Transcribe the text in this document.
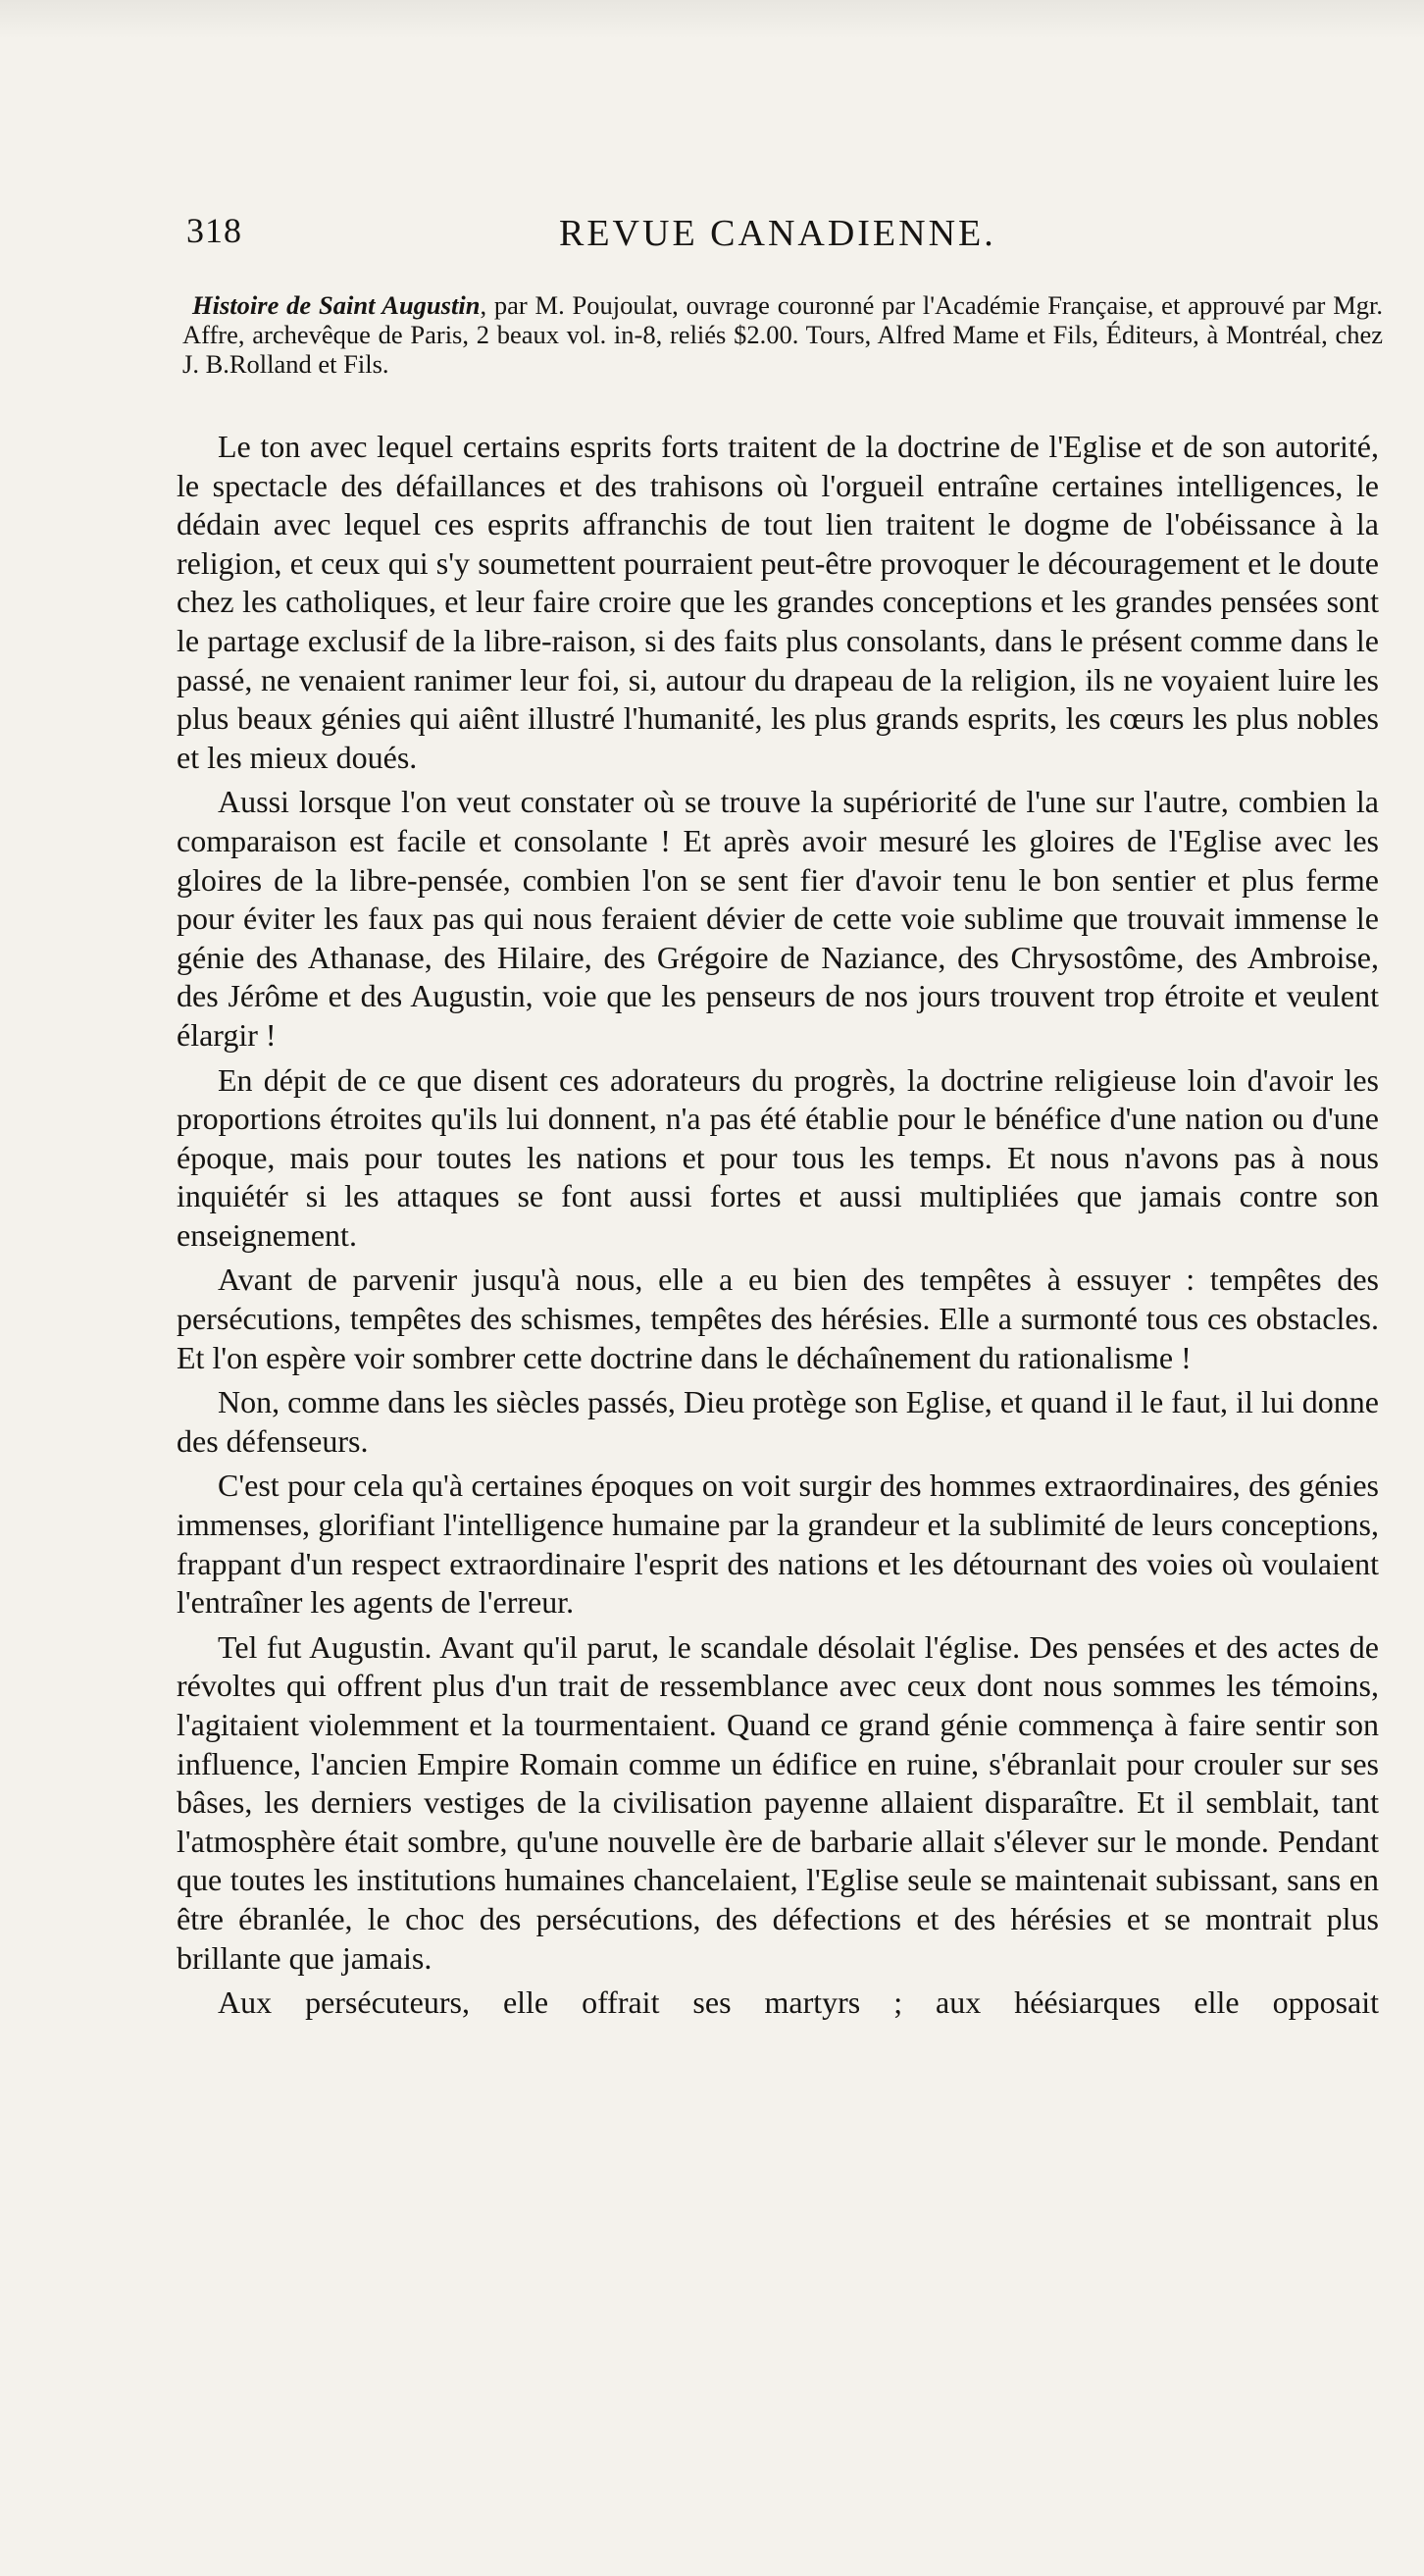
318	REVUE CANADIENNE.
Histoire de Saint Augustin, par M. Poujoulat, ouvrage couronné par l'Académie Française, et approuvé par Mgr. Affre, archevêque de Paris, 2 beaux vol. in-8, reliés $2.00. Tours, Alfred Mame et Fils, Éditeurs, à Montréal, chez J. B.Rolland et Fils.

Le ton avec lequel certains esprits forts traitent de la doctrine de l'Eglise et de son autorité, le spectacle des défaillances et des trahisons où l'orgueil entraîne certaines intelligences, le dédain avec lequel ces esprits affranchis de tout lien traitent le dogme de l'obéissance à la religion, et ceux qui s'y soumettent pourraient peut-être provoquer le découragement et le doute chez les catholiques, et leur faire croire que les grandes conceptions et les grandes pensées sont le partage exclusif de la libre-raison, si des faits plus consolants, dans le présent comme dans le passé, ne venaient ranimer leur foi, si, autour du drapeau de la religion, ils ne voyaient luire les plus beaux génies qui aiênt illustré l'humanité, les plus grands esprits, les cœurs les plus nobles et les mieux doués.

Aussi lorsque l'on veut constater où se trouve la supériorité de l'une sur l'autre, combien la comparaison est facile et consolante ! Et après avoir mesuré les gloires de l'Eglise avec les gloires de la libre-pensée, combien l'on se sent fier d'avoir tenu le bon sentier et plus ferme pour éviter les faux pas qui nous feraient dévier de cette voie sublime que trouvait immense le génie des Athanase, des Hilaire, des Grégoire de Naziance, des Chrysostôme, des Ambroise, des Jérôme et des Augustin, voie que les penseurs de nos jours trouvent trop étroite et veulent élargir !

En dépit de ce que disent ces adorateurs du progrès, la doctrine religieuse loin d'avoir les proportions étroites qu'ils lui donnent, n'a pas été établie pour le bénéfice d'une nation ou d'une époque, mais pour toutes les nations et pour tous les temps. Et nous n'avons pas à nous inquiétér si les attaques se font aussi fortes et aussi multipliées que jamais contre son enseignement.

Avant de parvenir jusqu'à nous, elle a eu bien des tempêtes à essuyer : tempêtes des persécutions, tempêtes des schismes, tempêtes des hérésies. Elle a surmonté tous ces obstacles. Et l'on espère voir sombrer cette doctrine dans le déchaînement du rationalisme !

Non, comme dans les siècles passés, Dieu protège son Eglise, et quand il le faut, il lui donne des défenseurs.

C'est pour cela qu'à certaines époques on voit surgir des hommes extraordinaires, des génies immenses, glorifiant l'intelligence humaine par la grandeur et la sublimité de leurs conceptions, frappant d'un respect extraordinaire l'esprit des nations et les détournant des voies où voulaient l'entraîner les agents de l'erreur.

Tel fut Augustin. Avant qu'il parut, le scandale désolait l'église. Des pensées et des actes de révoltes qui offrent plus d'un trait de ressemblance avec ceux dont nous sommes les témoins, l'agitaient violemment et la tourmentaient. Quand ce grand génie commença à faire sentir son influence, l'ancien Empire Romain comme un édifice en ruine, s'ébranlait pour crouler sur ses bâses, les derniers vestiges de la civilisation payenne allaient disparaître. Et il semblait, tant l'atmosphère était sombre, qu'une nouvelle ère de barbarie allait s'élever sur le monde. Pendant que toutes les institutions humaines chancelaient, l'Eglise seule se maintenait subissant, sans en être ébranlée, le choc des persécutions, des défections et des hérésies et se montrait plus brillante que jamais.

Aux persécuteurs, elle offrait ses martyrs ; aux héésiarques elle opposait
